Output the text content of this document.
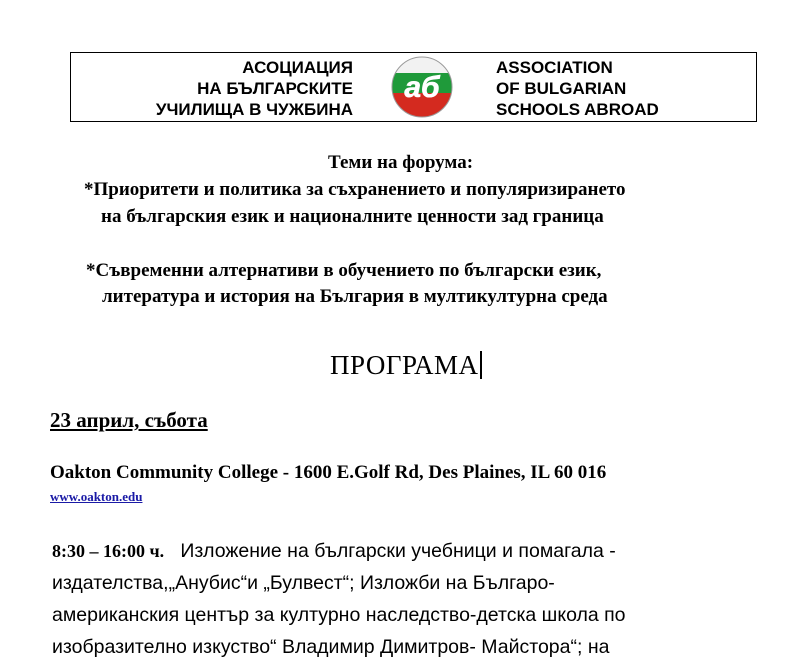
АСОЦИАЦИЯ
НА БЪЛГАРСКИТЕ
УЧИЛИЩА В ЧУЖБИНА
аб
ASSOCIATION
OF BULGARIAN
SCHOOLS ABROAD
Теми на форума:
*Приоритети и политика за съхранението и популяризирането
на българския език и националните ценности зад граница
*Съвременни алтернативи в обучението по български език,
литература и история на България в мултикултурна среда
ПРОГРАМА
23 април, събота
Oakton Community College - 1600 E.Golf Rd, Des Plaines, IL 60 016
www.oakton.edu
8:30 – 16:00 ч. Изложение на български учебници и помагала -
издателства,„Анубис“и „Булвест“; Изложби на Българо-
американския център за културно наследство-детска школа по
изобразително изкуство“ Владимир Димитров- Майстора“; на
